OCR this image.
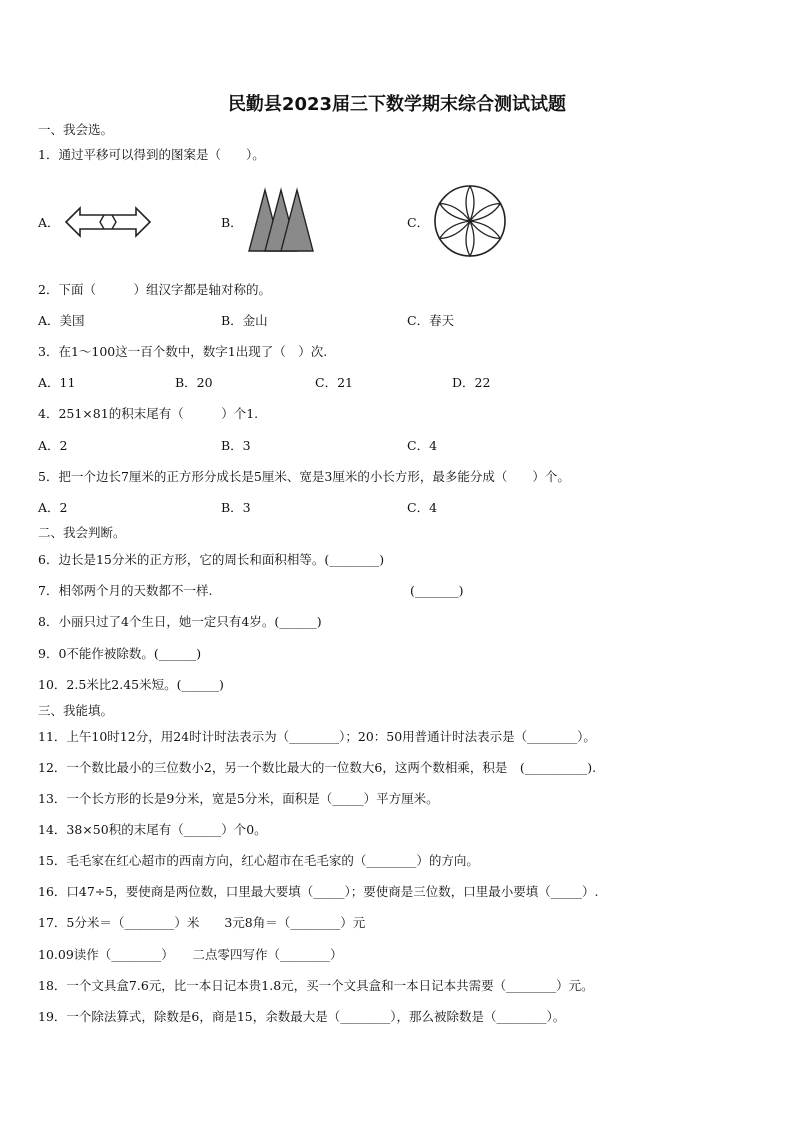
民勤县2023届三下数学期末综合测试试题
一、我会选。
1．通过平移可以得到的图案是（　　）。
A．	B．	C．
2．下面（　　　）组汉字都是轴对称的。
A．美国	B．金山	C．春天
3．在1～100这一百个数中，数字1出现了（　）次.
A．11	B．20	C．21	D．22
4．251×81的积末尾有（　　　）个1.
A．2	B．3	C．4
5．把一个边长7厘米的正方形分成长是5厘米、宽是3厘米的小长方形，最多能分成（　　）个。
A．2	B．3	C．4
二、我会判断。
6．边长是15分米的正方形，它的周长和面积相等。(________)
7．相邻两个月的天数都不一样.	(_______)
8．小丽只过了4个生日，她一定只有4岁。(______)
9．0不能作被除数。(______)
10．2.5米比2.45米短。(______)
三、我能填。
11．上午10时12分，用24时计时法表示为（________）；20：50用普通计时法表示是（________）。
12．一个数比最小的三位数小2，另一个数比最大的一位数大6，这两个数相乘，积是　(__________).
13．一个长方形的长是9分米，宽是5分米，面积是（_____）平方厘米。
14．38×50积的末尾有（______）个0。
15．毛毛家在红心超市的西南方向，红心超市在毛毛家的（________）的方向。
16．口47÷5，要使商是两位数，口里最大要填（_____）；要使商是三位数，口里最小要填（_____）.
17．5分米＝（________）米　　3元8角＝（________）元
10.09读作（________）　　二点零四写作（________）
18．一个文具盒7.6元，比一本日记本贵1.8元，买一个文具盒和一本日记本共需要（________）元。
19．一个除法算式，除数是6，商是15，余数最大是（________），那么被除数是（________）。
